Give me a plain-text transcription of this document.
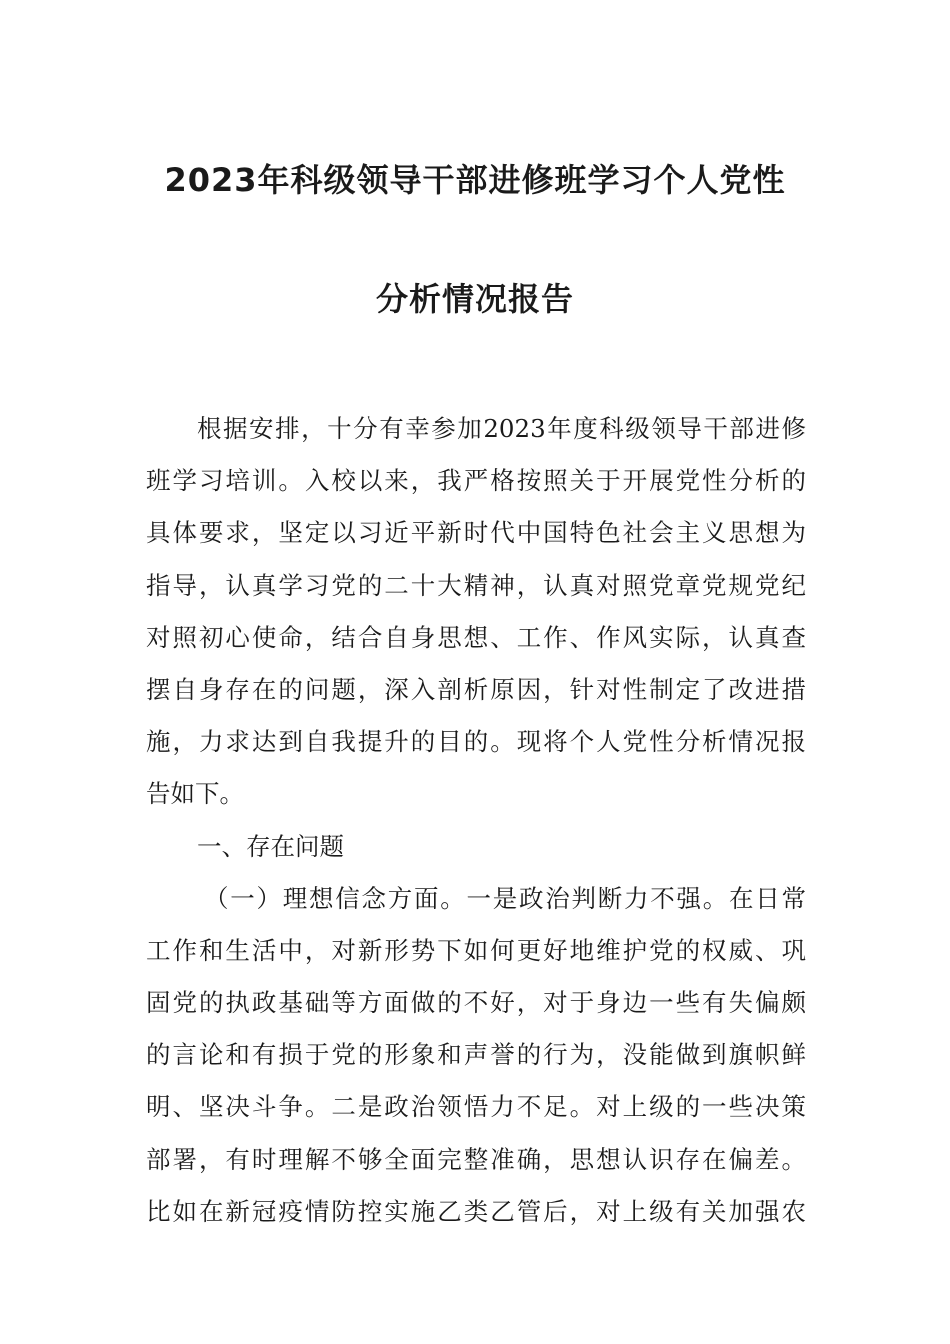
2023年科级领导干部进修班学习个人党性
分析情况报告
根据安排，十分有幸参加2023年度科级领导干部进修
班学习培训。入校以来，我严格按照关于开展党性分析的
具体要求，坚定以习近平新时代中国特色社会主义思想为
指导，认真学习党的二十大精神，认真对照党章党规党纪
对照初心使命，结合自身思想、工作、作风实际，认真查
摆自身存在的问题，深入剖析原因，针对性制定了改进措
施，力求达到自我提升的目的。现将个人党性分析情况报
告如下。
一、存在问题
（一）理想信念方面。一是政治判断力不强。在日常
工作和生活中，对新形势下如何更好地维护党的权威、巩
固党的执政基础等方面做的不好，对于身边一些有失偏颇
的言论和有损于党的形象和声誉的行为，没能做到旗帜鲜
明、坚决斗争。二是政治领悟力不足。对上级的一些决策
部署，有时理解不够全面完整准确，思想认识存在偏差。
比如在新冠疫情防控实施乙类乙管后，对上级有关加强农
